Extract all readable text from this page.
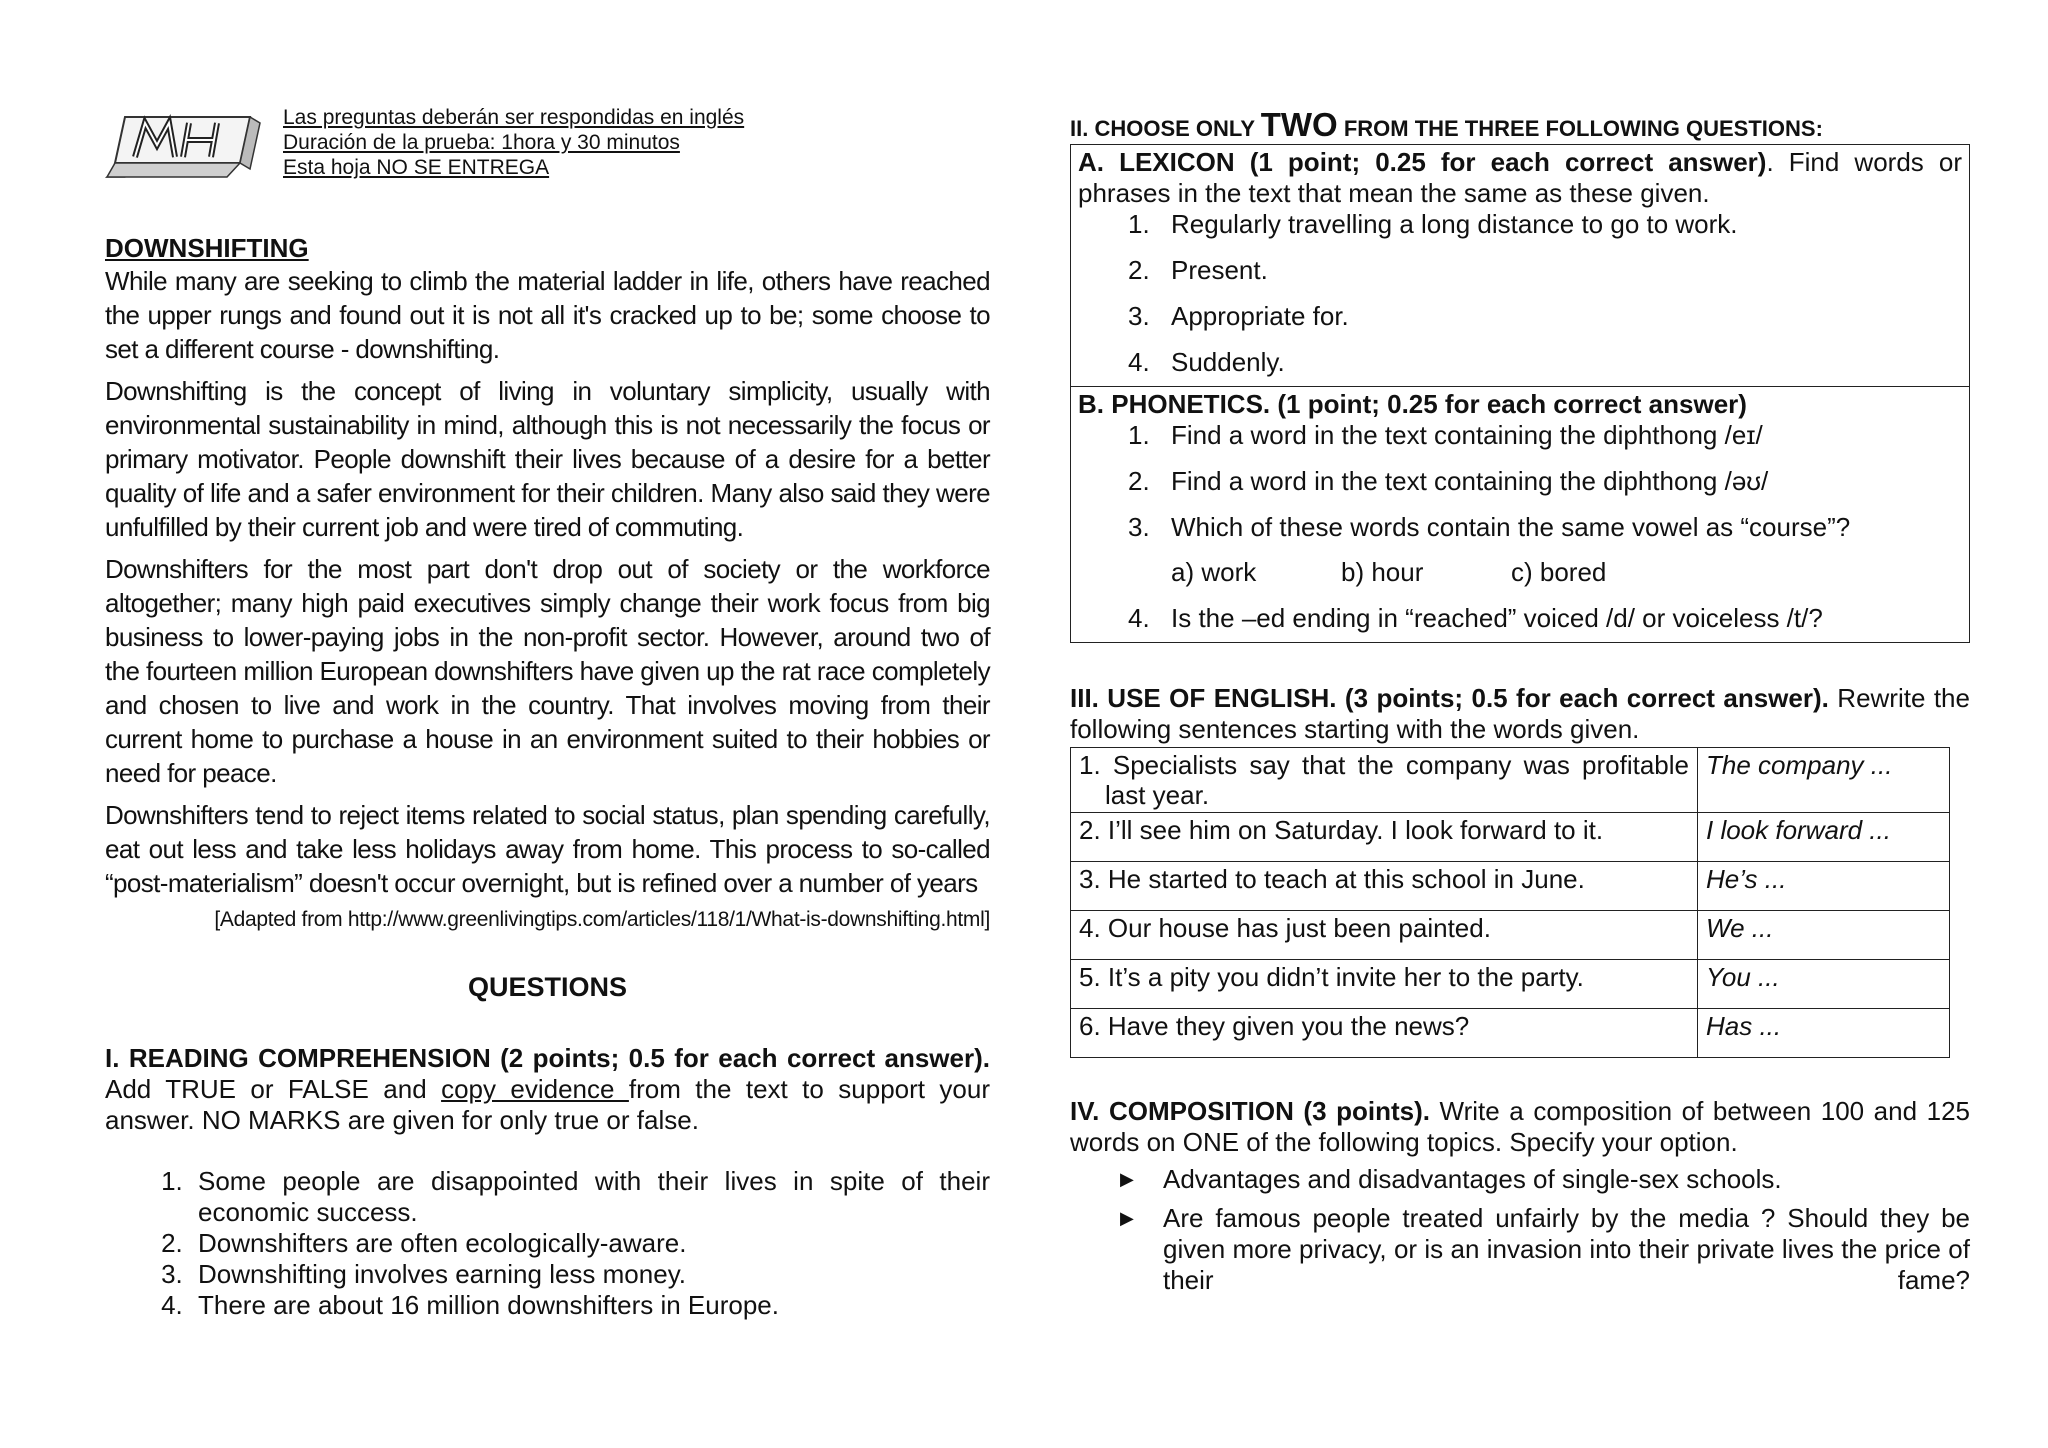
MH
Las preguntas deberán ser respondidas en inglés
Duración de la prueba: 1hora y 30 minutos
Esta hoja NO SE ENTREGA
DOWNSHIFTING

While many are seeking to climb the material ladder in life, others have reached the upper rungs and found out it is not all it's cracked up to be; some choose to set a different course - downshifting.

Downshifting is the concept of living in voluntary simplicity, usually with environmental sustainability in mind, although this is not necessarily the focus or primary motivator. People downshift their lives because of a desire for a better quality of life and a safer environment for their children. Many also said they were unfulfilled by their current job and were tired of commuting.

Downshifters for the most part don't drop out of society or the workforce altogether; many high paid executives simply change their work focus from big business to lower-paying jobs in the non-profit sector. However, around two of the fourteen million European downshifters have given up the rat race completely and chosen to live and work in the country. That involves moving from their current home to purchase a house in an environment suited to their hobbies or need for peace.

Downshifters tend to reject items related to social status, plan spending carefully, eat out less and take less holidays away from home. This process to so-called “post-materialism” doesn't occur overnight, but is refined over a number of years

[Adapted from http://www.greenlivingtips.com/articles/118/1/What-is-downshifting.html]
QUESTIONS
I. READING COMPREHENSION (2 points; 0.5 for each correct answer). Add TRUE or FALSE and copy evidence from the text to support your answer. NO MARKS are given for only true or false.
1. Some people are disappointed with their lives in spite of their economic success.
2. Downshifters are often ecologically-aware.
3. Downshifting involves earning less money.
4. There are about 16 million downshifters in Europe.
II. CHOOSE ONLY TWO FROM THE THREE FOLLOWING QUESTIONS:
A. LEXICON (1 point; 0.25 for each correct answer). Find words or phrases in the text that mean the same as these given.
1. Regularly travelling a long distance to go to work.
2. Present.
3. Appropriate for.
4. Suddenly.
B. PHONETICS. (1 point; 0.25 for each correct answer)
1. Find a word in the text containing the diphthong /eɪ/
2. Find a word in the text containing the diphthong /əʊ/
3. Which of these words contain the same vowel as “course”?
a) work	b) hour	c) bored
4. Is the –ed ending in “reached” voiced /d/ or voiceless /t/?
III. USE OF ENGLISH. (3 points; 0.5 for each correct answer). Rewrite the following sentences starting with the words given.
1. Specialists say that the company was profitable last year.	The company ...
2. I’ll see him on Saturday. I look forward to it.	I look forward ...
3. He started to teach at this school in June.	He’s ...
4. Our house has just been painted.	We ...
5. It’s a pity you didn’t invite her to the party.	You ...
6. Have they given you the news?	Has ...
IV. COMPOSITION (3 points). Write a composition of between 100 and 125 words on ONE of the following topics. Specify your option.
▶	Advantages and disadvantages of single-sex schools.
▶	Are famous people treated unfairly by the media ? Should they be given more privacy, or is an invasion into their private lives the price of their fame?
